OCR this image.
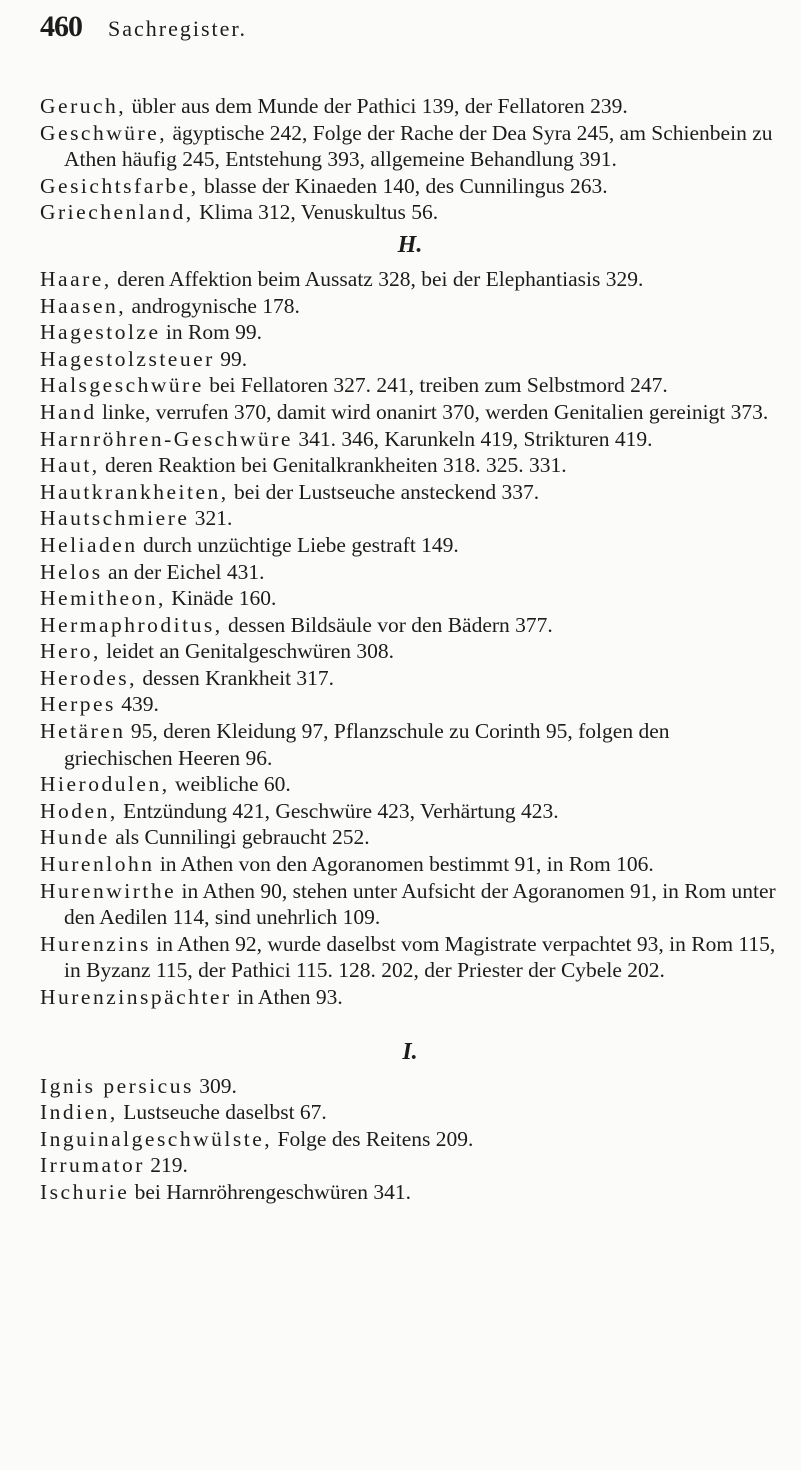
460 Sachregister.

Geruch, übler aus dem Munde der Pathici 139, der Fellatoren 239.

Geschwüre, ägyptische 242, Folge der Rache der Dea Syra 245, am Schienbein zu Athen häufig 245, Entstehung 393, allgemeine Behandlung 391.

Gesichtsfarbe, blasse der Kinaeden 140, des Cunnilingus 263.

Griechenland, Klima 312, Venuskultus 56.

H.

Haare, deren Affektion beim Aussatz 328, bei der Elephantiasis 329.

Haasen, androgynische 178.

Hagestolze in Rom 99.

Hagestolzsteuer 99.

Halsgeschwüre bei Fellatoren 327. 241, treiben zum Selbstmord 247.

Hand linke, verrufen 370, damit wird onanirt 370, werden Genitalien gereinigt 373.

Harnröhren-Geschwüre 341. 346, Karunkeln 419, Strikturen 419.

Haut, deren Reaktion bei Genitalkrankheiten 318. 325. 331.

Hautkrankheiten, bei der Lustseuche ansteckend 337.

Hautschmiere 321.

Heliaden durch unzüchtige Liebe gestraft 149.

Helos an der Eichel 431.

Hemitheon, Kinäde 160.

Hermaphroditus, dessen Bildsäule vor den Bädern 377.

Hero, leidet an Genitalgeschwüren 308.

Herodes, dessen Krankheit 317.

Herpes 439.

Hetären 95, deren Kleidung 97, Pflanzschule zu Corinth 95, folgen den griechischen Heeren 96.

Hierodulen, weibliche 60.

Hoden, Entzündung 421, Geschwüre 423, Verhärtung 423.

Hunde als Cunnilingi gebraucht 252.

Hurenlohn in Athen von den Agoranomen bestimmt 91, in Rom 106.

Hurenwirthe in Athen 90, stehen unter Aufsicht der Agoranomen 91, in Rom unter den Aedilen 114, sind unehrlich 109.

Hurenzins in Athen 92, wurde daselbst vom Magistrate verpachtet 93, in Rom 115, in Byzanz 115, der Pathici 115. 128. 202, der Priester der Cybele 202.

Hurenzinspächter in Athen 93.

I.

Ignis persicus 309.

Indien, Lustseuche daselbst 67.

Inguinalgeschwülste, Folge des Reitens 209.

Irrumator 219.

Ischurie bei Harnröhrengeschwüren 341.
